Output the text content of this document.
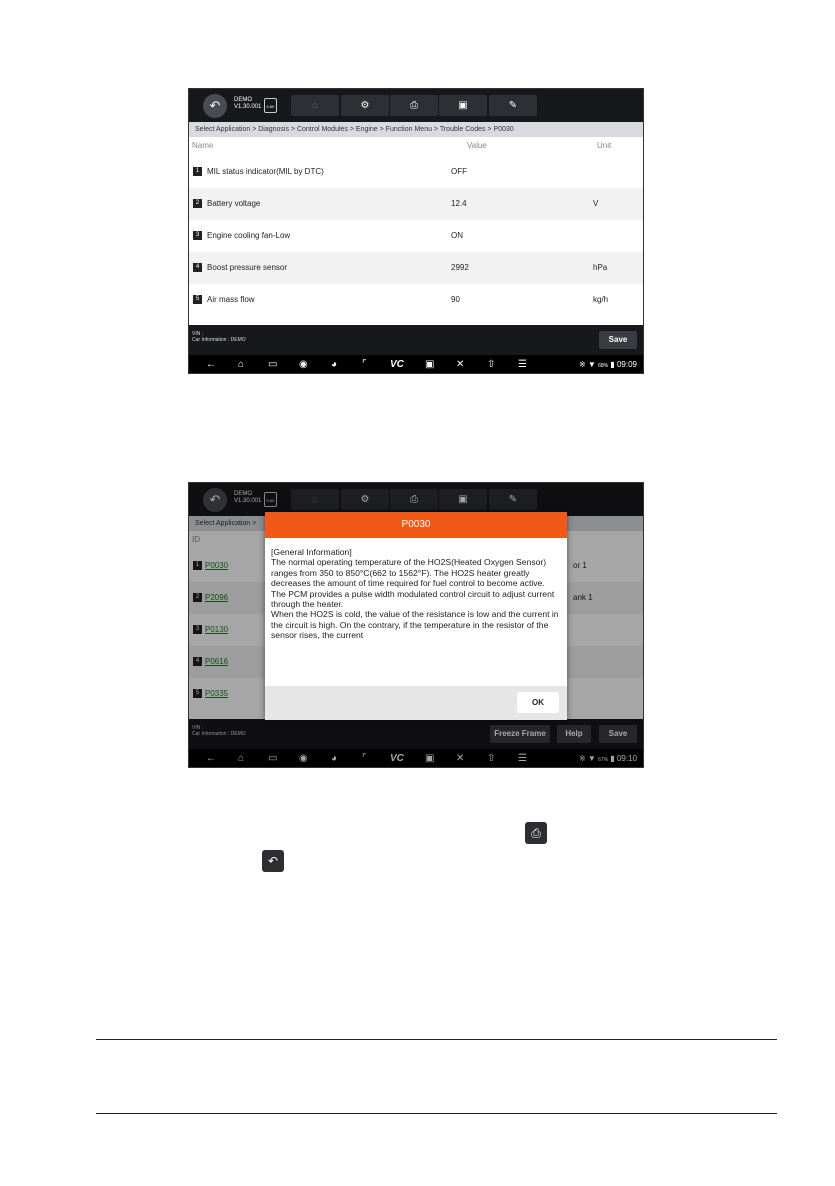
↶	DEMO
V1.30.001	9.6V	⌂	⚙	⎙	▣	✎
Select Application > Diagnosis > Control Modules > Engine > Function Menu > Trouble Codes > P0030
Name	Value	Unit
1 MIL status indicator(MIL by DTC)	OFF
2 Battery voltage	12.4	V
3 Engine cooling fan-Low	ON
4 Boost pressure sensor	2992	hPa
5 Air mass flow	90	kg/h
VIN :
Car Information : DEMO	Save
← ⌂ ▭ ◉ ◕ ⌜ VC ▣ ✕ ⇧ ☰	※ ▼ 68% ▮ 09:09
↶	DEMO
V1.30.001	9.6V	⌂	⚙	⎙	▣	✎
Select Application >
ID
1 P0030	or 1
2 P2096	ank 1
3 P0130
4 P0616
5 P0335
VIN :
Car Information : DEMO	Freeze Frame	Help	Save
← ⌂ ▭ ◉ ◕ ⌜ VC ▣ ✕ ⇧ ☰	※ ▼ 67% ▮ 09:10
P0030

[General Information]

The normal operating temperature of the HO2S(Heated Oxygen Sensor) ranges from 350 to 850°C(662 to 1562°F). The HO2S heater greatly decreases the amount of time required for fuel control to become active. The PCM provides a pulse width modulated control circuit to adjust current through the heater.

When the HO2S is cold, the value of the resistance is low and the current in the circuit is high. On the contrary, if the temperature in the resistor of the sensor rises, the current

OK
⎙
↶
